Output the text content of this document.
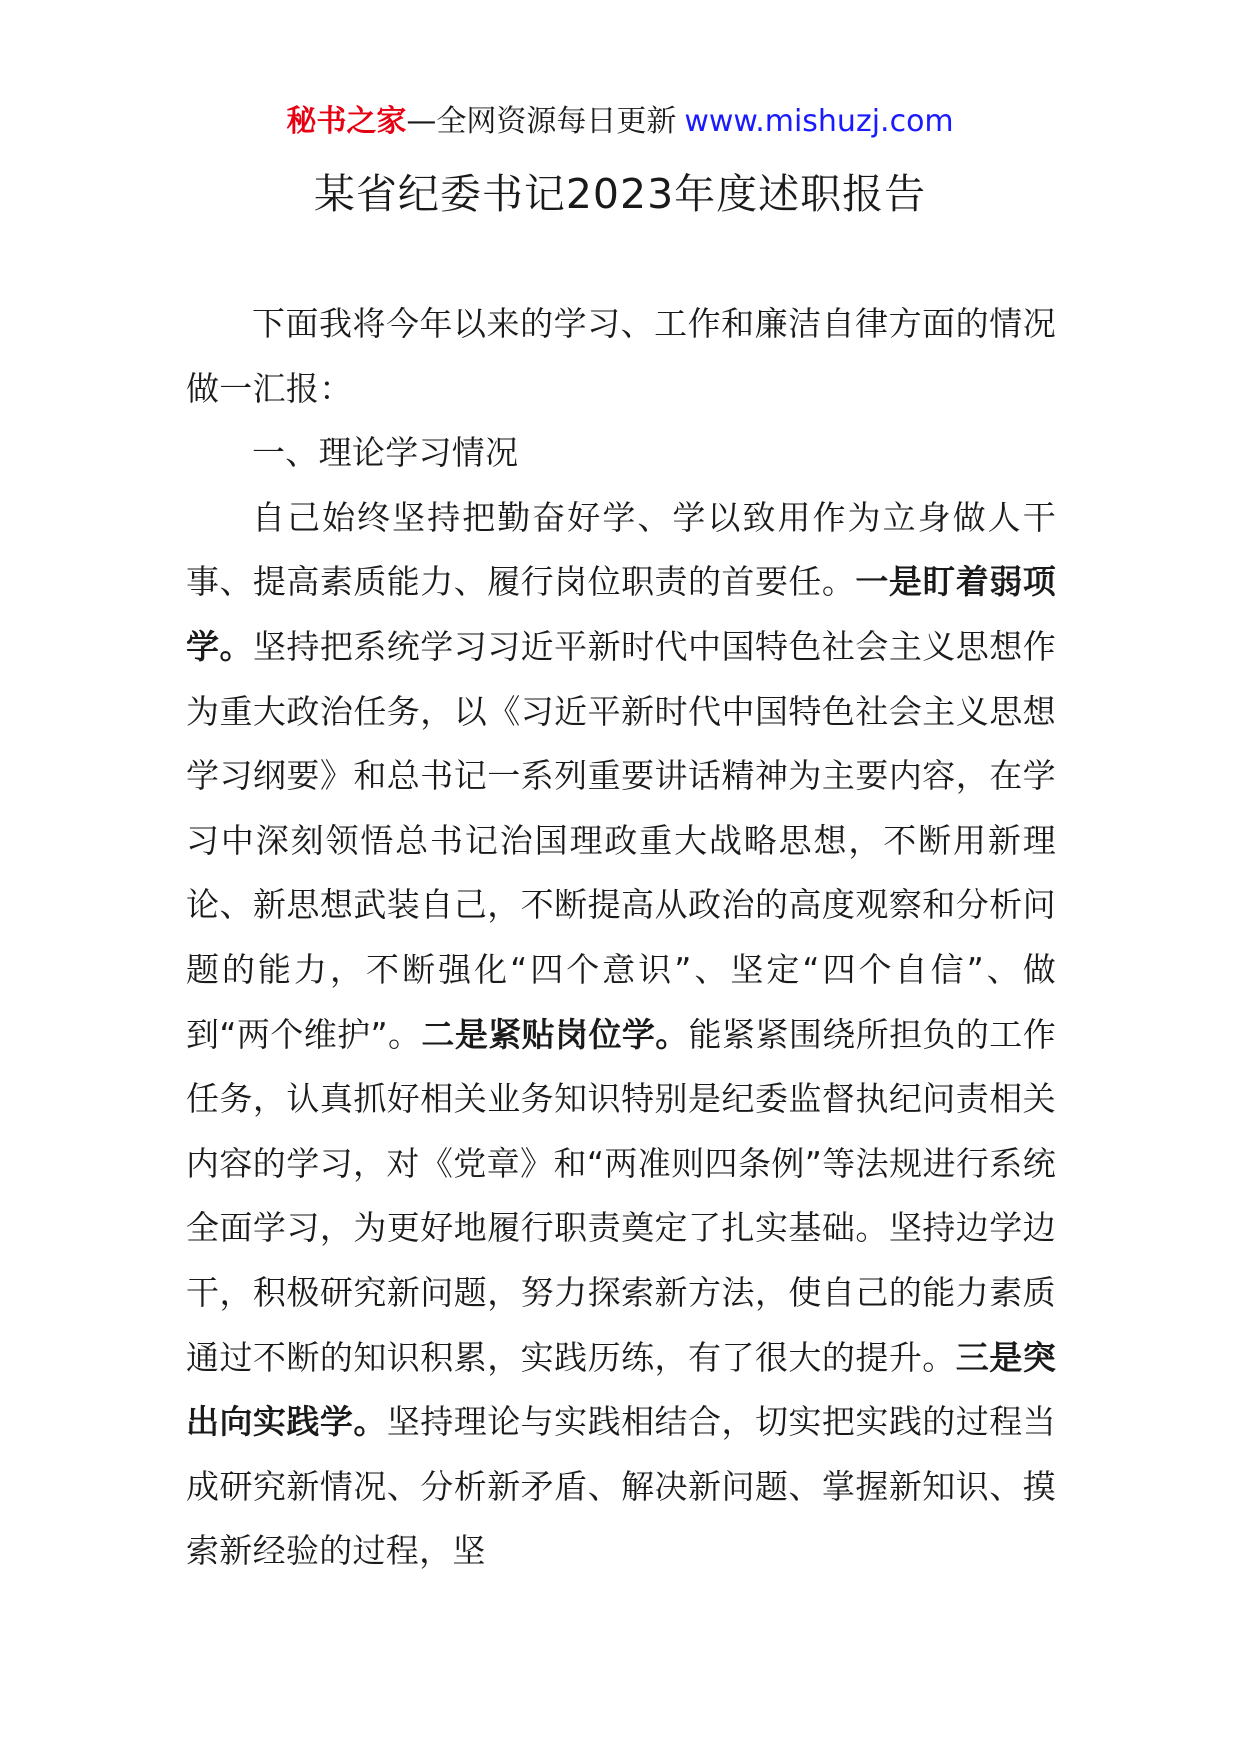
秘书之家—全网资源每日更新 www.mishuzj.com
某省纪委书记2023年度述职报告

下面我将今年以来的学习、工作和廉洁自律方面的情况做一汇报：

一、理论学习情况

自己始终坚持把勤奋好学、学以致用作为立身做人干事、提高素质能力、履行岗位职责的首要任。一是盯着弱项学。坚持把系统学习习近平新时代中国特色社会主义思想作为重大政治任务，以《习近平新时代中国特色社会主义思想学习纲要》和总书记一系列重要讲话精神为主要内容，在学习中深刻领悟总书记治国理政重大战略思想，不断用新理论、新思想武装自己，不断提高从政治的高度观察和分析问题的能力，不断强化“四个意识”、坚定“四个自信”、做到“两个维护”。二是紧贴岗位学。能紧紧围绕所担负的工作任务，认真抓好相关业务知识特别是纪委监督执纪问责相关内容的学习，对《党章》和“两准则四条例”等法规进行系统全面学习，为更好地履行职责奠定了扎实基础。坚持边学边干，积极研究新问题，努力探索新方法，使自己的能力素质通过不断的知识积累，实践历练，有了很大的提升。三是突出向实践学。坚持理论与实践相结合，切实把实践的过程当成研究新情况、分析新矛盾、解决新问题、掌握新知识、摸索新经验的过程，坚
